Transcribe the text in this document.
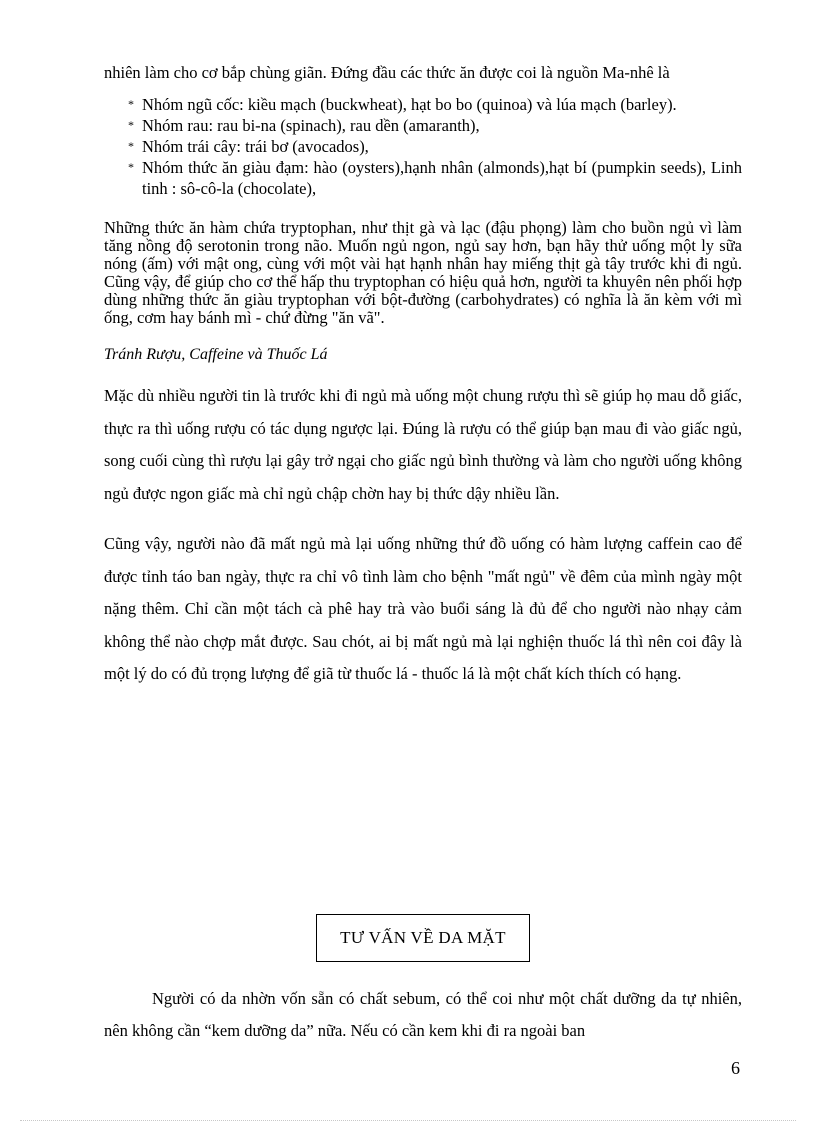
nhiên làm cho cơ bắp chùng giãn. Đứng đầu các thức ăn được coi là nguồn Ma-nhê là

* Nhóm ngũ cốc: kiều mạch (buckwheat), hạt bo bo (quinoa) và lúa mạch (barley).
* Nhóm rau: rau bi-na (spinach), rau dền (amaranth),
* Nhóm trái cây: trái bơ (avocados),
* Nhóm thức ăn giàu đạm: hào (oysters),hạnh nhân (almonds),hạt bí (pumpkin seeds), Linh tinh : sô-cô-la (chocolate),

Những thức ăn hàm chứa tryptophan, như thịt gà và lạc (đậu phọng) làm cho buồn ngủ vì làm tăng nồng độ serotonin trong não. Muốn ngủ ngon, ngủ say hơn, bạn hãy thử uống một ly sữa nóng (ấm) với mật ong, cùng với một vài hạt hạnh nhân hay miếng thịt gà tây trước khi đi ngủ. Cũng vậy, để giúp cho cơ thể hấp thu tryptophan có hiệu quả hơn, người ta khuyên nên phối hợp dùng những thức ăn giàu tryptophan với bột-đường (carbohydrates) có nghĩa là ăn kèm với mì ống, cơm hay bánh mì - chứ đừng "ăn vã".

Tránh Rượu, Caffeine và Thuốc Lá

Mặc dù nhiều người tin là trước khi đi ngủ mà uống một chung rượu thì sẽ giúp họ mau dỗ giấc, thực ra thì uống rượu có tác dụng ngược lại. Đúng là rượu có thể giúp bạn mau đi vào giấc ngủ, song cuối cùng thì rượu lại gây trở ngại cho giấc ngủ bình thường và làm cho người uống không ngủ được ngon giấc mà chỉ ngủ chập chờn hay bị thức dậy nhiều lần.

Cũng vậy, người nào đã mất ngủ mà lại uống những thứ đồ uống có hàm lượng caffein cao để được tỉnh táo ban ngày, thực ra chỉ vô tình làm cho bệnh "mất ngủ" về đêm của mình ngày một nặng thêm. Chỉ cần một tách cà phê hay trà vào buổi sáng là đủ để cho người nào nhạy cảm không thể nào chợp mắt được. Sau chót, ai bị mất ngủ mà lại nghiện thuốc lá thì nên coi đây là một lý do có đủ trọng lượng để giã từ thuốc lá - thuốc lá là một chất kích thích có hạng.

TƯ VẤN VỀ DA MẶT

Người có da nhờn vốn sẵn có chất sebum, có thể coi như một chất dưỡng da tự nhiên, nên không cần “kem dưỡng da” nữa. Nếu có cần kem khi đi ra ngoài ban

6
